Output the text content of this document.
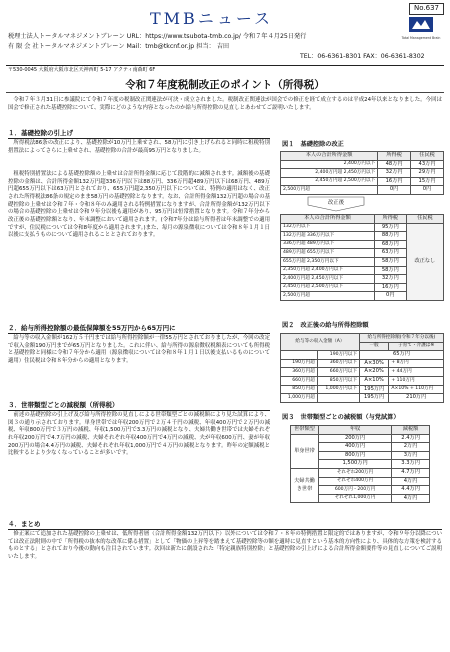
No.637
TMBニュース
Total Management Brain
税理士法人トータルマネジメントブレーン URL：https://www.tsubota-tmb.co.jp/ 令和７年４月25日発行
有 限 会 社トータルマネジメントブレーン Mail：tmb@tkcnf.or.jp 担当： 吉田
TEL：06-6361-8301 FAX：06-6361-8302
〒530-0045 大阪府大阪市北区天神西町 5-17 アクティ南森町 6F
令和７年度税制改正のポイント（所得税）
令和７年３月31日に参議院にて令和７年度の税制改正関連法が可決・成立されました。税制改正関連法が国会での修正を経て成立するのは平成24年以来となりました。今回は国会で修正された基礎控除について、実際にどのような内容となったのか給与所得控除の見直しとあわせてご説明いたします。
１．基礎控除の引上げ
所得税法86条の改正により、基礎控除が10万円上乗せされ、58万円に引き上げられると同時に租税特別措置法によってさらに上乗せされ、基礎控除の合計が最高95万円となりました。
租税特別措置法による基礎控除額の上乗せは合計所得金額に応じて段階的に減額されます。減額後の基礎控除の金額は、合計所得金額132万円超336万円以下は88万円、336万円超489万円以下は68万円、489万円超655万円以下は63万円とされており、655万円超2,350万円以下については、特例の適用はなく、改正された所得税法86条の規定のまま58万円の基礎控除となります。なお、合計所得金額132万円超の場合の基礎控除の上乗せは令和７年・令和８年のみ適用される特例措置になりますが、合計所得金額が132万円以下の場合の基礎控除の上乗せは令和９年分以後も適用があり、95万円は恒常措置となります。令和７年分から改正後の基礎控除額となり、年末調整において適用されます。(令和7年分は給与所得者は年末調整での適用ですが、住民税については令和8年度から適用されます。)また、毎月の源泉徴収については令和８年１月１日以後に支払うものについて適用されることとされております。
２．給与所得控除額の最低保障額を55万円から65万円に
給与等の収入金額が162万５千円までは給与所得控除額が一律55万円とされておりましたが、今回の改定で収入金額190万円までが65万円となりました。これに伴い、給与所得の源泉徴収税額表についても所得税と基礎控除と同様に令和７年分から適用（源泉徴収については令和８年１月１日以後支払いるものについて適用）住民税は令和８年分からの適用となります。
３．世帯類型ごとの減税額（所得税）
前述の基礎控除の引上げ及び給与所得控除の見直しによる世帯類型ごとの減税額により見た試算により、図３の通り示されております。単身世帯では年収200万円で２万４千円の減税、年収400万円で２万円の減税、年収800万円で３万円の減税、年収1,500万円で3.3万円の減税となり、夫婦共働き世帯では夫婦それぞれ年収200万円で4.7万円の減税、夫婦それぞれ年収400万円で4万円の減税、夫が年収600万円、妻が年収200万円の場合4.4万円の減税、夫婦それぞれ年収1,000万円で４万円の減税となります。昨年の定額減税と比較するとより少なくなっていることが多いです。
４．まとめ
修正案にて追加された基礎控除の上乗せは、低所得者層（合計所得金額132万円以下）以外については令和７・８年の特例措置と限定的ではありますが、令和９年分以降については改正法附則の中で「所得税の抜本的な改革に係る措置」として「物価の上昇等を踏まえて基礎控除等の額を適時に見直すという基本的方向性により、具体的な方策を検討するものとする」とされており今後の動向も注目されています。次回は新たに創設された「特定親族特別控除」と基礎控除の引上げによる合計所得金額要件等の見直しについてご説明いたします。
図１　基礎控除の改正
本人の合計所得金額	所得税	住民税
2,400万円以下	48万円	43万円
2,400万円超 2,450万円以下	32万円	29万円
2,450万円超 2,500万円以下	16万円	15万円
2,500万円超	0円	0円
改正後
本人の合計所得金額	所得税	住民税
132万円以下	95万円	改正なし
132万円超 336万円以下	88万円	
336万円超 489万円以下	68万円	
489万円超 655万円以下	63万円	
655万円超 2,350万円以下	58万円	
2,350万円超 2,400万円以下	58万円	
2,400万円超 2,450万円以下	32万円	
2,450万円超 2,500万円以下	16万円	
2,500万円超	0円	
図２　改正後の給与所得控除額
給与等の収入金額（A）		給与所得控除額(令和７年分以後)	
		一般	子育て・介護は※
	190万円以下	65万円	
190万円超	360万円以下	A×30%	+ 8万円
360万円超	660万円以下	A×20%	+ 44万円
660万円超	850万円以下	A×10%	+ 110万円
850万円超	1,000万円以下	195万円	A×10% + 110万円
1,000万円超		195万円	210万円
図３　世帯類型ごとの減税額（与党試算）
世帯類型	年収	減税額
単身世帯	200万円	2.4万円
	400万円	2万円
	800万円	3万円
	1,500万円	3.3万円
夫婦共働き世帯	それぞれ200万円	4.7万円
	それぞれ400万円	4万円
	600万円・200万円	4.4万円
	それぞれ1,000万円	4万円
